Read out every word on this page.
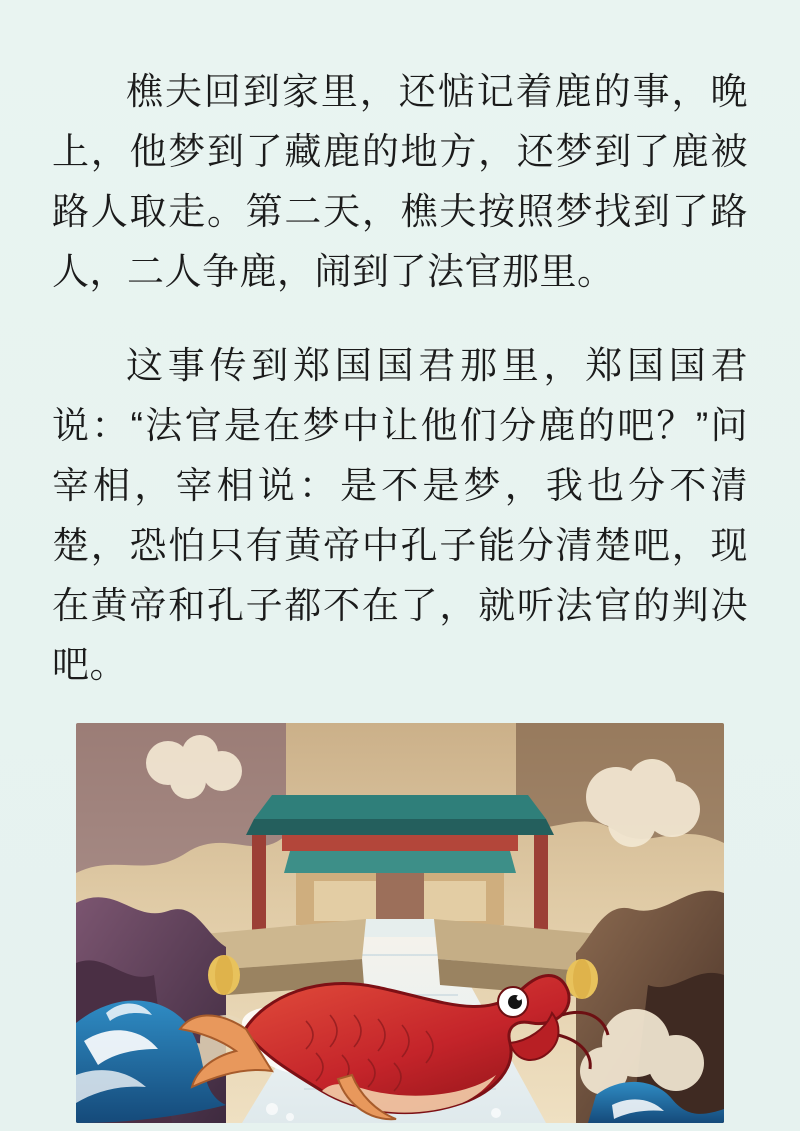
樵夫回到家里，还惦记着鹿的事，晚上，他梦到了藏鹿的地方，还梦到了鹿被路人取走。第二天，樵夫按照梦找到了路人，二人争鹿，闹到了法官那里。

这事传到郑国国君那里，郑国国君说：“法官是在梦中让他们分鹿的吧？”问宰相，宰相说：是不是梦，我也分不清楚，恐怕只有黄帝中孔子能分清楚吧，现在黄帝和孔子都不在了，就听法官的判决吧。
